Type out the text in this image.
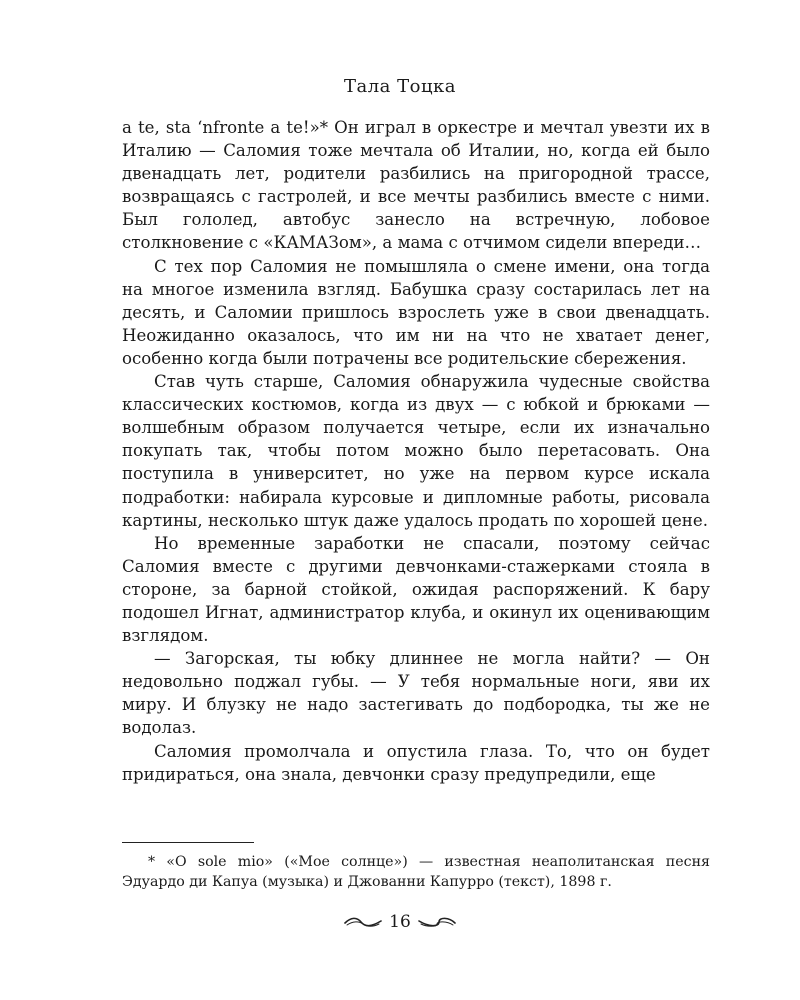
Тала Тоцка

a te, sta ‘nfronte a te!»* Он играл в оркестре и мечтал увезти их в Италию — Саломия тоже мечтала об Италии, но, когда ей было двенадцать лет, родители разбились на пригородной трассе, возвращаясь с гастролей, и все мечты разбились вместе с ними. Был гололед, автобус занесло на встречную, лобовое столкновение с «КАМАЗом», а мама с отчимом сидели впереди…

С тех пор Саломия не помышляла о смене имени, она тогда на многое изменила взгляд. Бабушка сразу состарилась лет на десять, и Саломии пришлось взрослеть уже в свои двенадцать. Неожиданно оказалось, что им ни на что не хватает денег, особенно когда были потрачены все родительские сбережения.

Став чуть старше, Саломия обнаружила чудесные свойства классических костюмов, когда из двух — с юбкой и брюками — волшебным образом получается четыре, если их изначально покупать так, чтобы потом можно было перетасовать. Она поступила в университет, но уже на первом курсе искала подработки: набирала курсовые и дипломные работы, рисовала картины, несколько штук даже удалось продать по хорошей цене.

Но временные заработки не спасали, поэтому сейчас Саломия вместе с другими девчонками-стажерками стояла в стороне, за барной стойкой, ожидая распоряжений. К бару подошел Игнат, администратор клуба, и окинул их оценивающим взглядом.

— Загорская, ты юбку длиннее не могла найти? — Он недовольно поджал губы. — У тебя нормальные ноги, яви их миру. И блузку не надо застегивать до подбородка, ты же не водолаз.

Саломия промолчала и опустила глаза. То, что он будет придираться, она знала, девчонки сразу предупредили, еще

* «O sole mio» («Мое солнце») — известная неаполитанская песня Эдуардо ди Капуа (музыка) и Джованни Капурро (текст), 1898 г.

16
